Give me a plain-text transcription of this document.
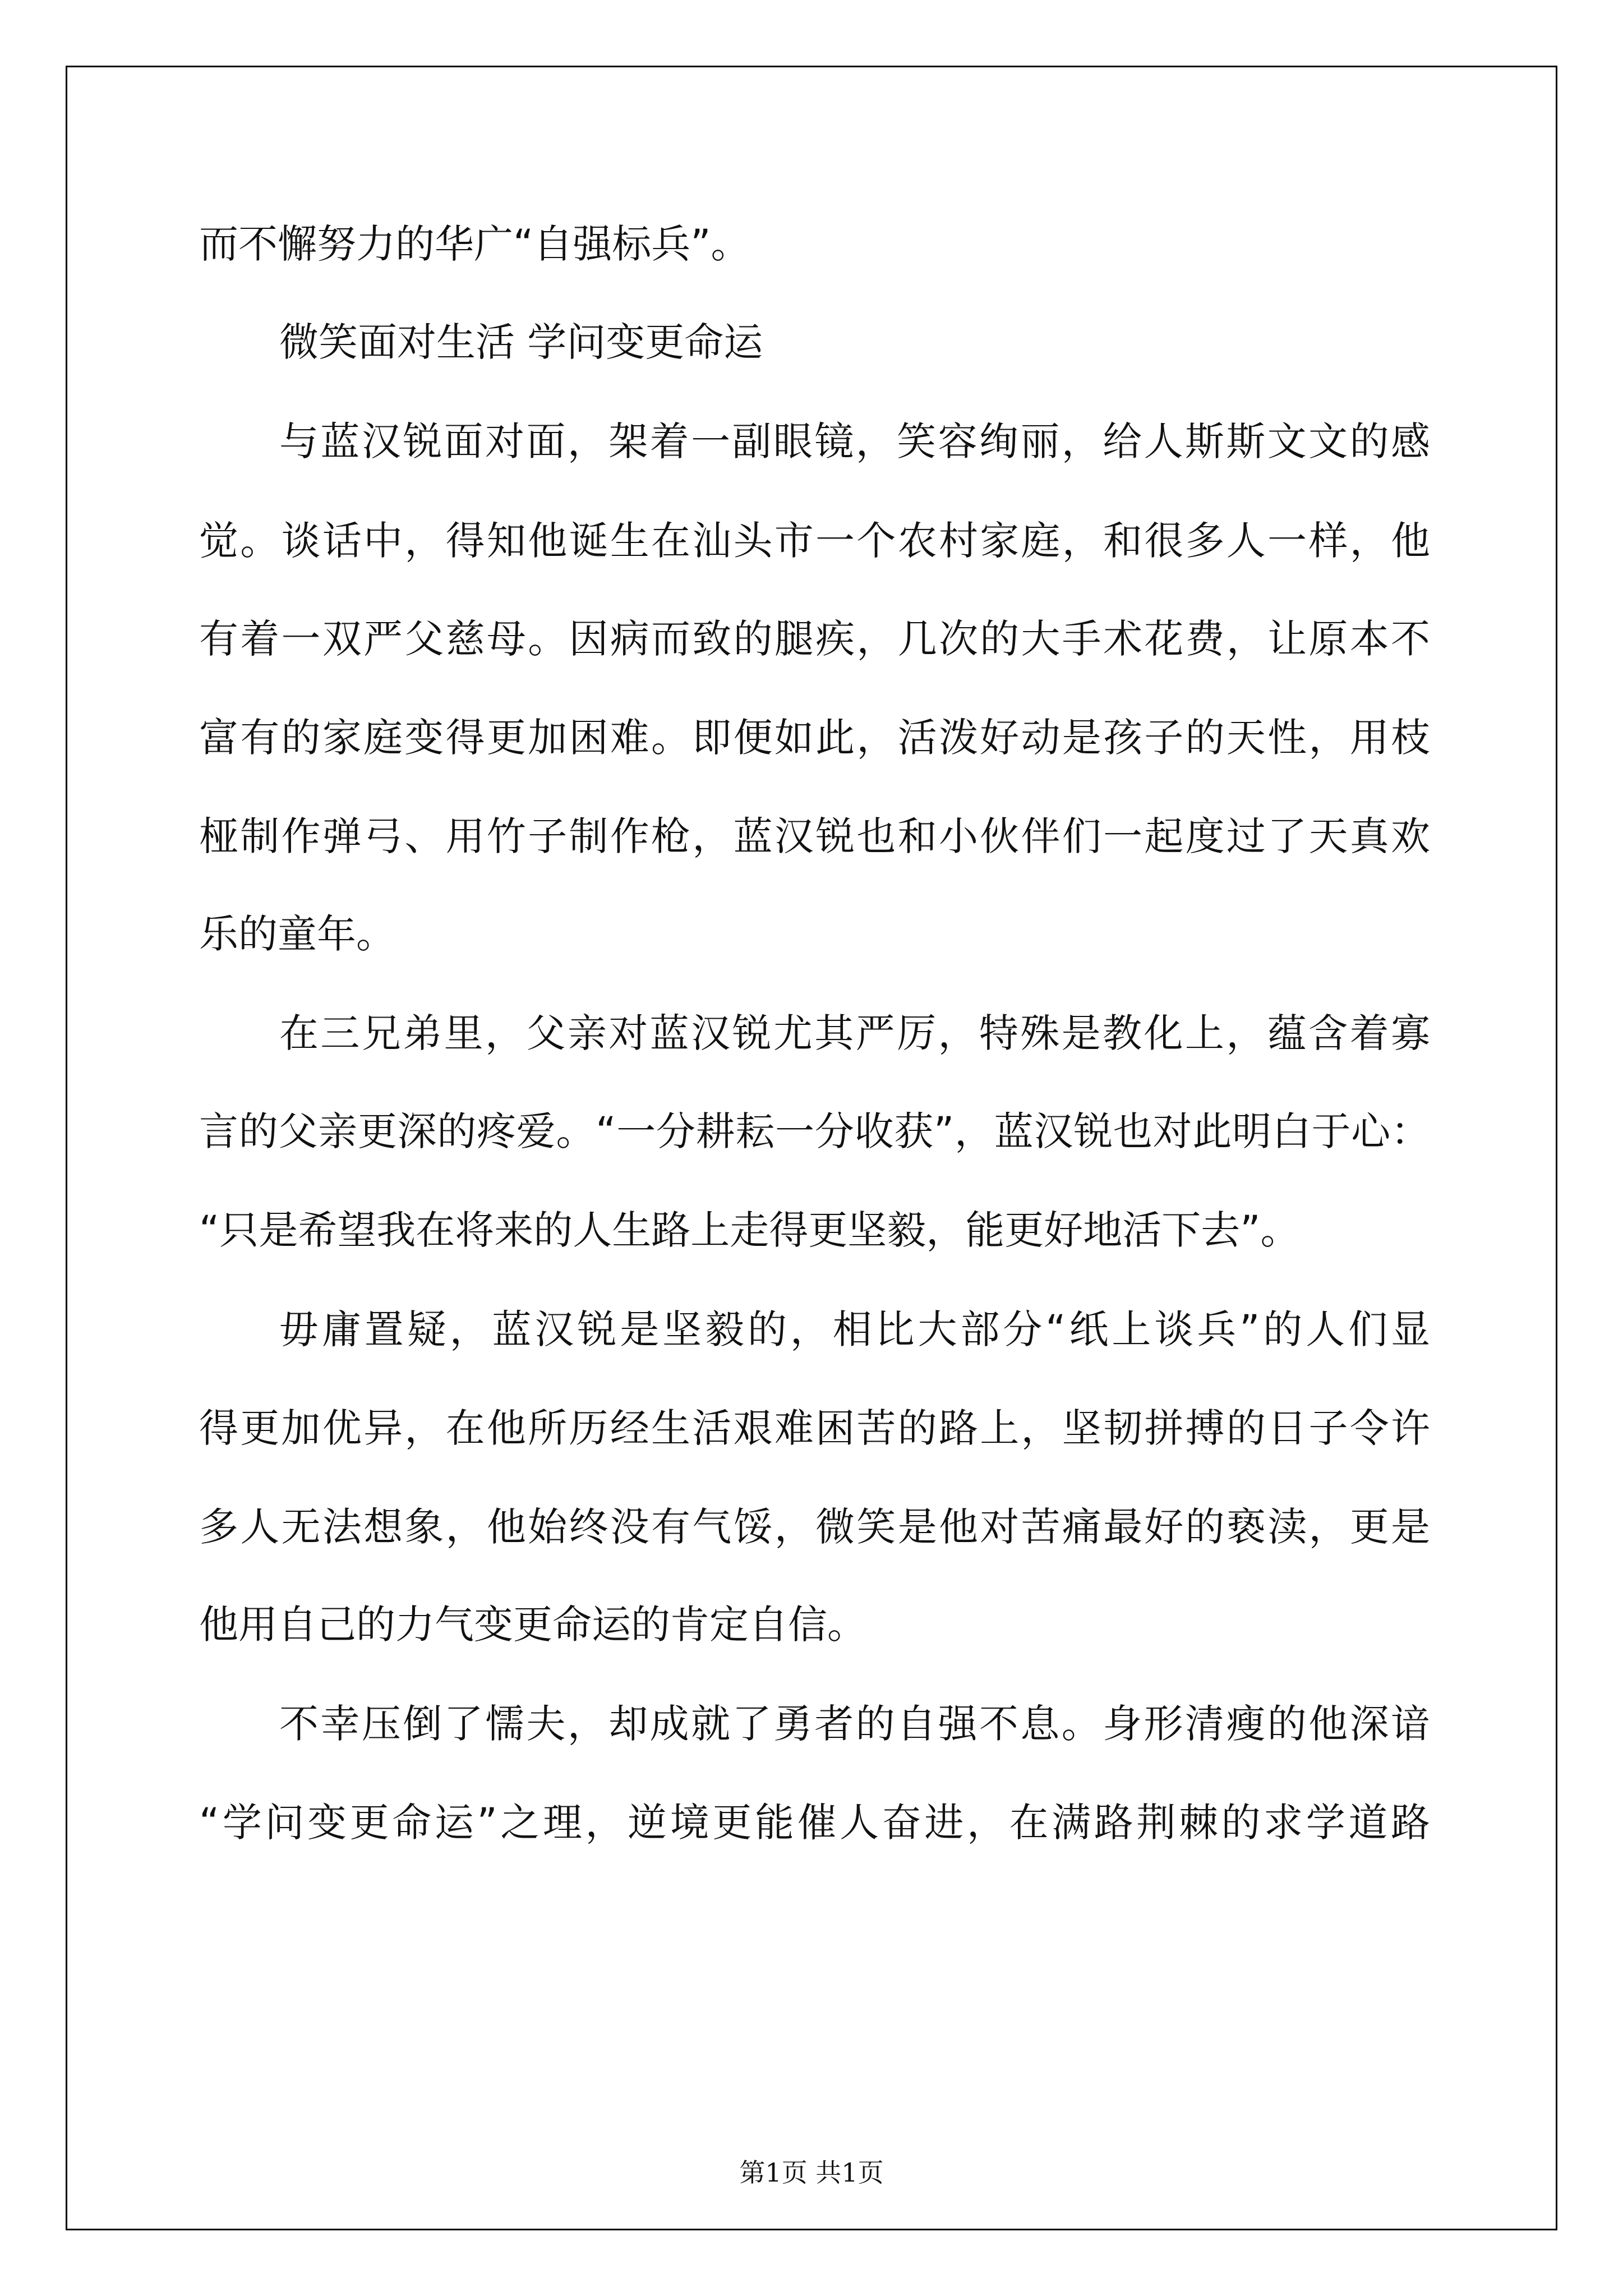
而不懈努力的华广“自强标兵”。
微笑面对生活 学问变更命运
与蓝汉锐面对面，架着一副眼镜，笑容绚丽，给人斯斯文文的感
觉。谈话中，得知他诞生在汕头市一个农村家庭，和很多人一样，他
有着一双严父慈母。因病而致的腿疾，几次的大手术花费，让原本不
富有的家庭变得更加困难。即便如此，活泼好动是孩子的天性，用枝
桠制作弹弓、用竹子制作枪，蓝汉锐也和小伙伴们一起度过了天真欢
乐的童年。
在三兄弟里，父亲对蓝汉锐尤其严厉，特殊是教化上，蕴含着寡
言的父亲更深的疼爱。“一分耕耘一分收获”，蓝汉锐也对此明白于心：
“只是希望我在将来的人生路上走得更坚毅，能更好地活下去”。
毋庸置疑，蓝汉锐是坚毅的，相比大部分“纸上谈兵”的人们显
得更加优异，在他所历经生活艰难困苦的路上，坚韧拼搏的日子令许
多人无法想象，他始终没有气馁，微笑是他对苦痛最好的亵渎，更是
他用自己的力气变更命运的肯定自信。
不幸压倒了懦夫，却成就了勇者的自强不息。身形清瘦的他深谙
“学问变更命运”之理，逆境更能催人奋进，在满路荆棘的求学道路
第1页 共1页
